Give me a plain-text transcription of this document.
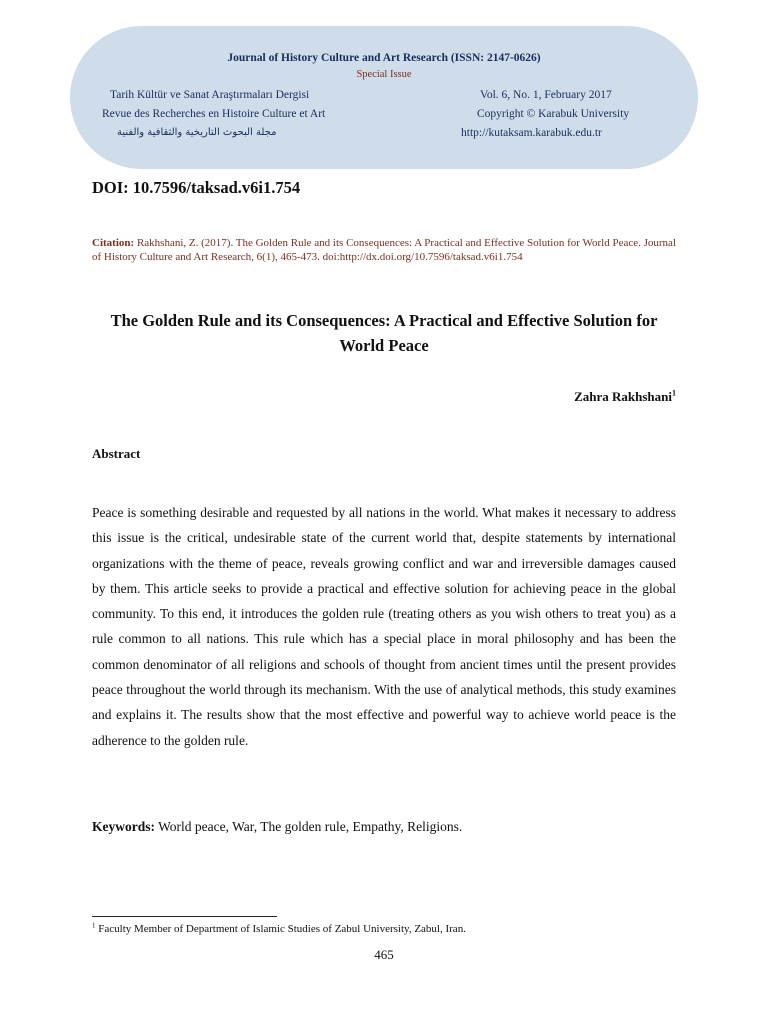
Journal of History Culture and Art Research (ISSN: 2147-0626)
Special Issue
Tarih Kültür ve Sanat Araştırmaları Dergisi
Revue des Recherches en Histoire Culture et Art
مجلة البحوث التاريخية والثقافية والفنية
Vol. 6, No. 1, February 2017
Copyright © Karabuk University
http://kutaksam.karabuk.edu.tr
DOI: 10.7596/taksad.v6i1.754
Citation: Rakhshani, Z. (2017). The Golden Rule and its Consequences: A Practical and Effective Solution for World Peace. Journal of History Culture and Art Research, 6(1), 465-473. doi:http://dx.doi.org/10.7596/taksad.v6i1.754
The Golden Rule and its Consequences: A Practical and Effective Solution for World Peace
Zahra Rakhshani$^1$
Abstract
Peace is something desirable and requested by all nations in the world. What makes it necessary to address this issue is the critical, undesirable state of the current world that, despite statements by international organizations with the theme of peace, reveals growing conflict and war and irreversible damages caused by them. This article seeks to provide a practical and effective solution for achieving peace in the global community. To this end, it introduces the golden rule (treating others as you wish others to treat you) as a rule common to all nations. This rule which has a special place in moral philosophy and has been the common denominator of all religions and schools of thought from ancient times until the present provides peace throughout the world through its mechanism. With the use of analytical methods, this study examines and explains it. The results show that the most effective and powerful way to achieve world peace is the adherence to the golden rule.
Keywords: World peace, War, The golden rule, Empathy, Religions.
$^1$ Faculty Member of Department of Islamic Studies of Zabul University, Zabul, Iran.
465
